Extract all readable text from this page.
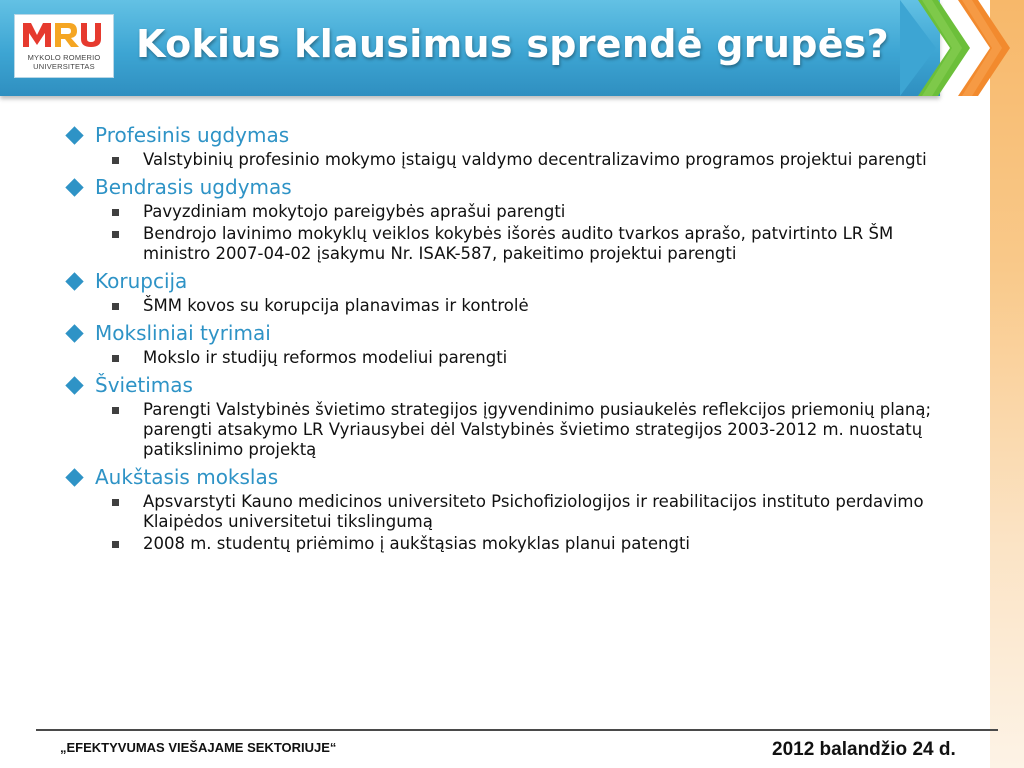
MYKOLO ROMERIO
UNIVERSITETAS
Kokius klausimus sprendė grupės?
Profesinis ugdymas
Valstybinių profesinio mokymo įstaigų valdymo decentralizavimo programos projektui parengti
Bendrasis ugdymas
Pavyzdiniam mokytojo pareigybės aprašui parengti
Bendrojo lavinimo mokyklų veiklos kokybės išorės audito tvarkos aprašo, patvirtinto LR ŠM ministro 2007-04-02 įsakymu Nr. ISAK-587, pakeitimo projektui parengti
Korupcija
ŠMM kovos su korupcija planavimas ir kontrolė
Moksliniai tyrimai
Mokslo ir studijų reformos modeliui parengti
Švietimas
Parengti Valstybinės švietimo strategijos įgyvendinimo pusiaukelės reflekcijos priemonių planą; parengti atsakymo LR Vyriausybei dėl Valstybinės švietimo strategijos 2003-2012 m. nuostatų patikslinimo projektą
Aukštasis mokslas
Apsvarstyti Kauno medicinos universiteto Psichofiziologijos ir reabilitacijos instituto perdavimo Klaipėdos universitetui tikslingumą
2008 m. studentų priėmimo į aukštąsias mokyklas planui patengti
„EFEKTYVUMAS VIEŠAJAME SEKTORIUJE“	2012 balandžio 24 d.
